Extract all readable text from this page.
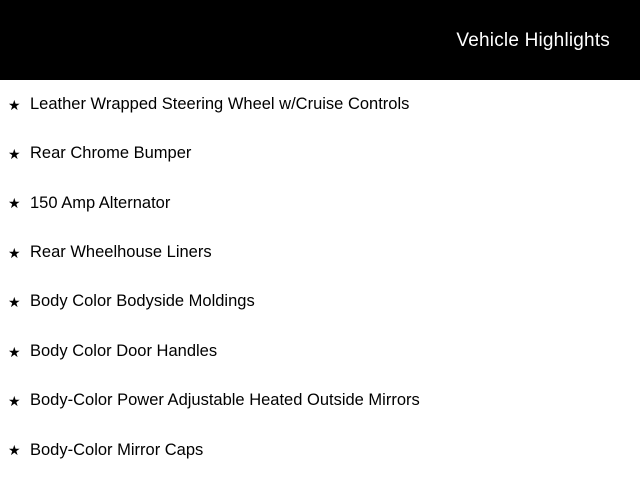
Vehicle Highlights
★ Leather Wrapped Steering Wheel w/Cruise Controls
★ Rear Chrome Bumper
★ 150 Amp Alternator
★ Rear Wheelhouse Liners
★ Body Color Bodyside Moldings
★ Body Color Door Handles
★ Body-Color Power Adjustable Heated Outside Mirrors
★ Body-Color Mirror Caps
